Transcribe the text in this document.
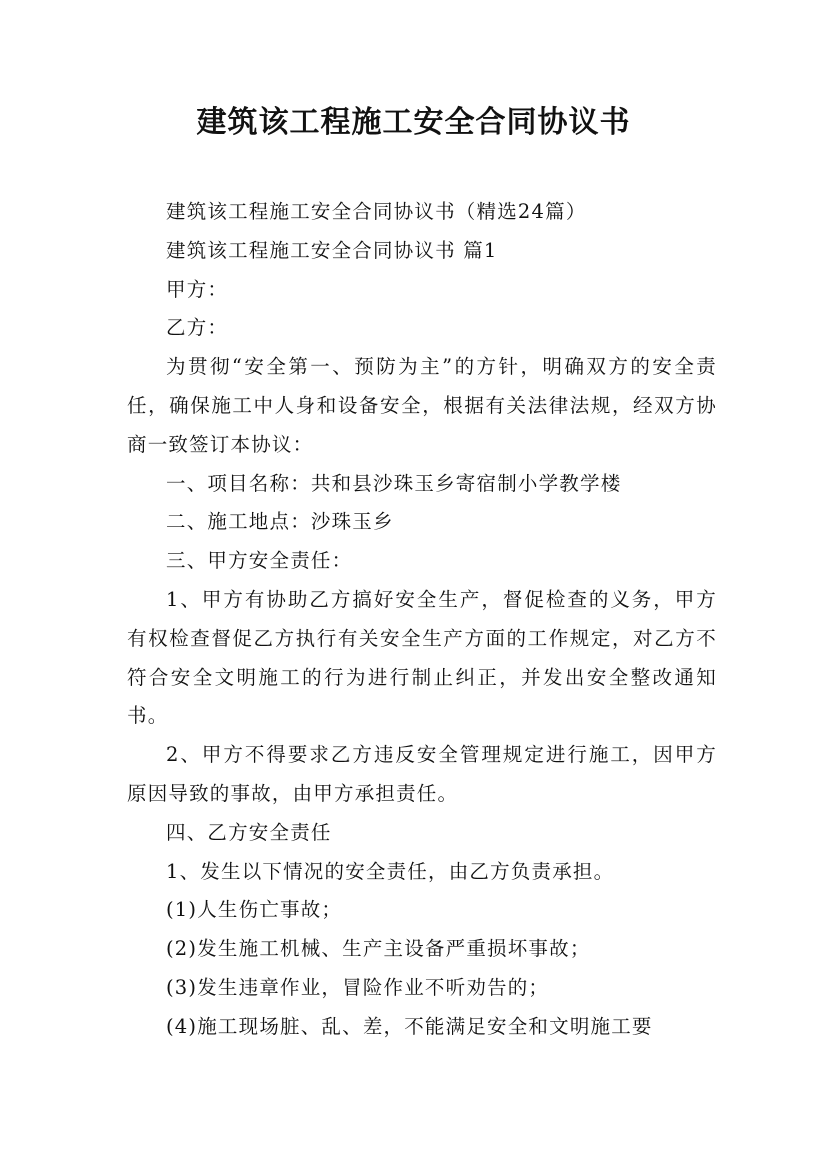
建筑该工程施工安全合同协议书

建筑该工程施工安全合同协议书（精选24篇）

建筑该工程施工安全合同协议书 篇1

甲方：

乙方：

为贯彻“安全第一、预防为主”的方针，明确双方的安全责任，确保施工中人身和设备安全，根据有关法律法规，经双方协商一致签订本协议：

一、项目名称：共和县沙珠玉乡寄宿制小学教学楼

二、施工地点：沙珠玉乡

三、甲方安全责任：

1、甲方有协助乙方搞好安全生产，督促检查的义务，甲方有权检查督促乙方执行有关安全生产方面的工作规定，对乙方不符合安全文明施工的行为进行制止纠正，并发出安全整改通知书。

2、甲方不得要求乙方违反安全管理规定进行施工，因甲方原因导致的事故，由甲方承担责任。

四、乙方安全责任

1、发生以下情况的安全责任，由乙方负责承担。

(1)人生伤亡事故；

(2)发生施工机械、生产主设备严重损坏事故；

(3)发生违章作业，冒险作业不听劝告的；

(4)施工现场脏、乱、差，不能满足安全和文明施工要
